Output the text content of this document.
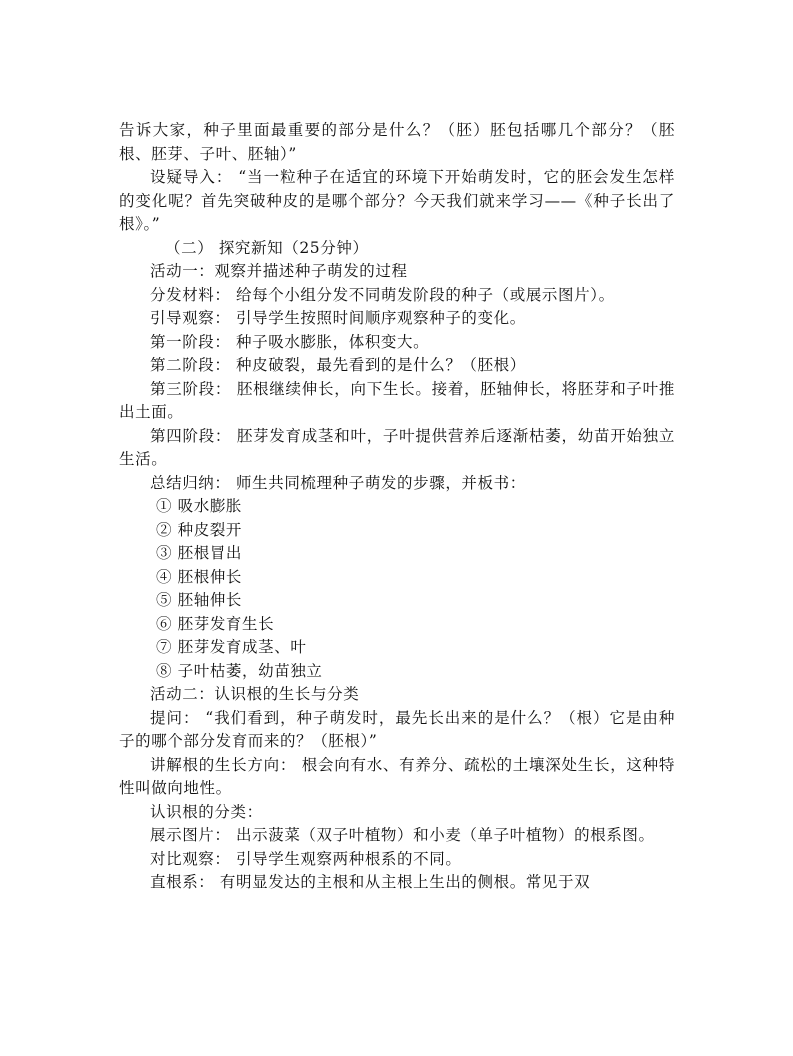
告诉大家，种子里面最重要的部分是什么？（胚）胚包括哪几个部分？（胚根、胚芽、子叶、胚轴）”

设疑导入： “当一粒种子在适宜的环境下开始萌发时，它的胚会发生怎样的变化呢？首先突破种皮的是哪个部分？今天我们就来学习——《种子长出了根》。”

（二） 探究新知（25分钟）

活动一：观察并描述种子萌发的过程

分发材料： 给每个小组分发不同萌发阶段的种子（或展示图片）。

引导观察： 引导学生按照时间顺序观察种子的变化。

第一阶段： 种子吸水膨胀，体积变大。

第二阶段： 种皮破裂，最先看到的是什么？（胚根）

第三阶段： 胚根继续伸长，向下生长。接着，胚轴伸长，将胚芽和子叶推出土面。

第四阶段： 胚芽发育成茎和叶，子叶提供营养后逐渐枯萎，幼苗开始独立生活。

总结归纳： 师生共同梳理种子萌发的步骤，并板书：

① 吸水膨胀

② 种皮裂开

③ 胚根冒出

④ 胚根伸长

⑤ 胚轴伸长

⑥ 胚芽发育生长

⑦ 胚芽发育成茎、叶

⑧ 子叶枯萎，幼苗独立

活动二：认识根的生长与分类

提问： “我们看到，种子萌发时，最先长出来的是什么？（根）它是由种子的哪个部分发育而来的？（胚根）”

讲解根的生长方向： 根会向有水、有养分、疏松的土壤深处生长，这种特性叫做向地性。

认识根的分类：

展示图片： 出示菠菜（双子叶植物）和小麦（单子叶植物）的根系图。

对比观察： 引导学生观察两种根系的不同。

直根系： 有明显发达的主根和从主根上生出的侧根。常见于双
